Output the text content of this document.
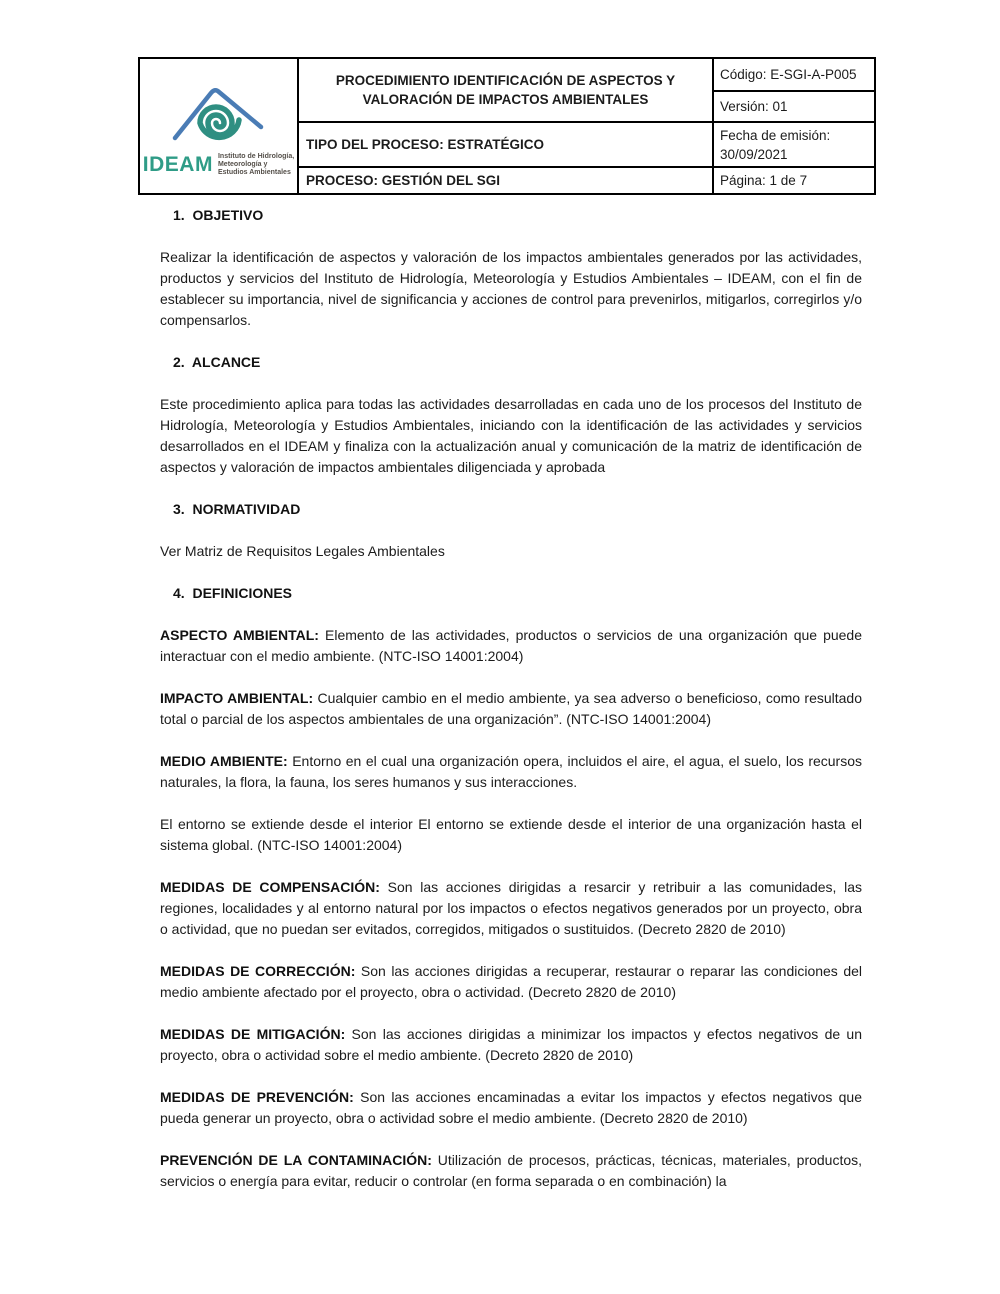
IDEAM Instituto de Hidrología,
Meteorología y
Estudios Ambientales	PROCEDIMIENTO IDENTIFICACIÓN DE ASPECTOS Y VALORACIÓN DE IMPACTOS AMBIENTALES	Código: E-SGI-A-P005
		Versión: 01
	TIPO DEL PROCESO: ESTRATÉGICO	Fecha de emisión:
30/09/2021

	PROCESO: GESTIÓN DEL SGI	Página: 1 de 7
1.  OBJETIVO

Realizar la identificación de aspectos y valoración de los impactos ambientales generados por las actividades, productos y servicios del Instituto de Hidrología, Meteorología y Estudios Ambientales – IDEAM, con el fin de establecer su importancia, nivel de significancia y acciones de control para prevenirlos, mitigarlos, corregirlos y/o compensarlos.

2.  ALCANCE

Este procedimiento aplica para todas las actividades desarrolladas en cada uno de los procesos del Instituto de Hidrología, Meteorología y Estudios Ambientales, iniciando con la identificación de las actividades y servicios desarrollados en el IDEAM y finaliza con la actualización anual y comunicación de la matriz de identificación de aspectos y valoración de impactos ambientales diligenciada y aprobada

3.  NORMATIVIDAD

Ver Matriz de Requisitos Legales Ambientales

4.  DEFINICIONES

ASPECTO AMBIENTAL: Elemento de las actividades, productos o servicios de una organización que puede interactuar con el medio ambiente. (NTC-ISO 14001:2004)

IMPACTO AMBIENTAL: Cualquier cambio en el medio ambiente, ya sea adverso o beneficioso, como resultado total o parcial de los aspectos ambientales de una organización”. (NTC-ISO 14001:2004)

MEDIO AMBIENTE: Entorno en el cual una organización opera, incluidos el aire, el agua, el suelo, los recursos naturales, la flora, la fauna, los seres humanos y sus interacciones.

El entorno se extiende desde el interior El entorno se extiende desde el interior de una organización hasta el sistema global. (NTC-ISO 14001:2004)

MEDIDAS DE COMPENSACIÓN: Son las acciones dirigidas a resarcir y retribuir a las comunidades, las regiones, localidades y al entorno natural por los impactos o efectos negativos generados por un proyecto, obra o actividad, que no puedan ser evitados, corregidos, mitigados o sustituidos. (Decreto 2820 de 2010)

MEDIDAS DE CORRECCIÓN: Son las acciones dirigidas a recuperar, restaurar o reparar las condiciones del medio ambiente afectado por el proyecto, obra o actividad. (Decreto 2820 de 2010)

MEDIDAS DE MITIGACIÓN: Son las acciones dirigidas a minimizar los impactos y efectos negativos de un proyecto, obra o actividad sobre el medio ambiente. (Decreto 2820 de 2010)

MEDIDAS DE PREVENCIÓN: Son las acciones encaminadas a evitar los impactos y efectos negativos que pueda generar un proyecto, obra o actividad sobre el medio ambiente. (Decreto 2820 de 2010)

PREVENCIÓN DE LA CONTAMINACIÓN: Utilización de procesos, prácticas, técnicas, materiales, productos, servicios o energía para evitar, reducir o controlar (en forma separada o en combinación) la
